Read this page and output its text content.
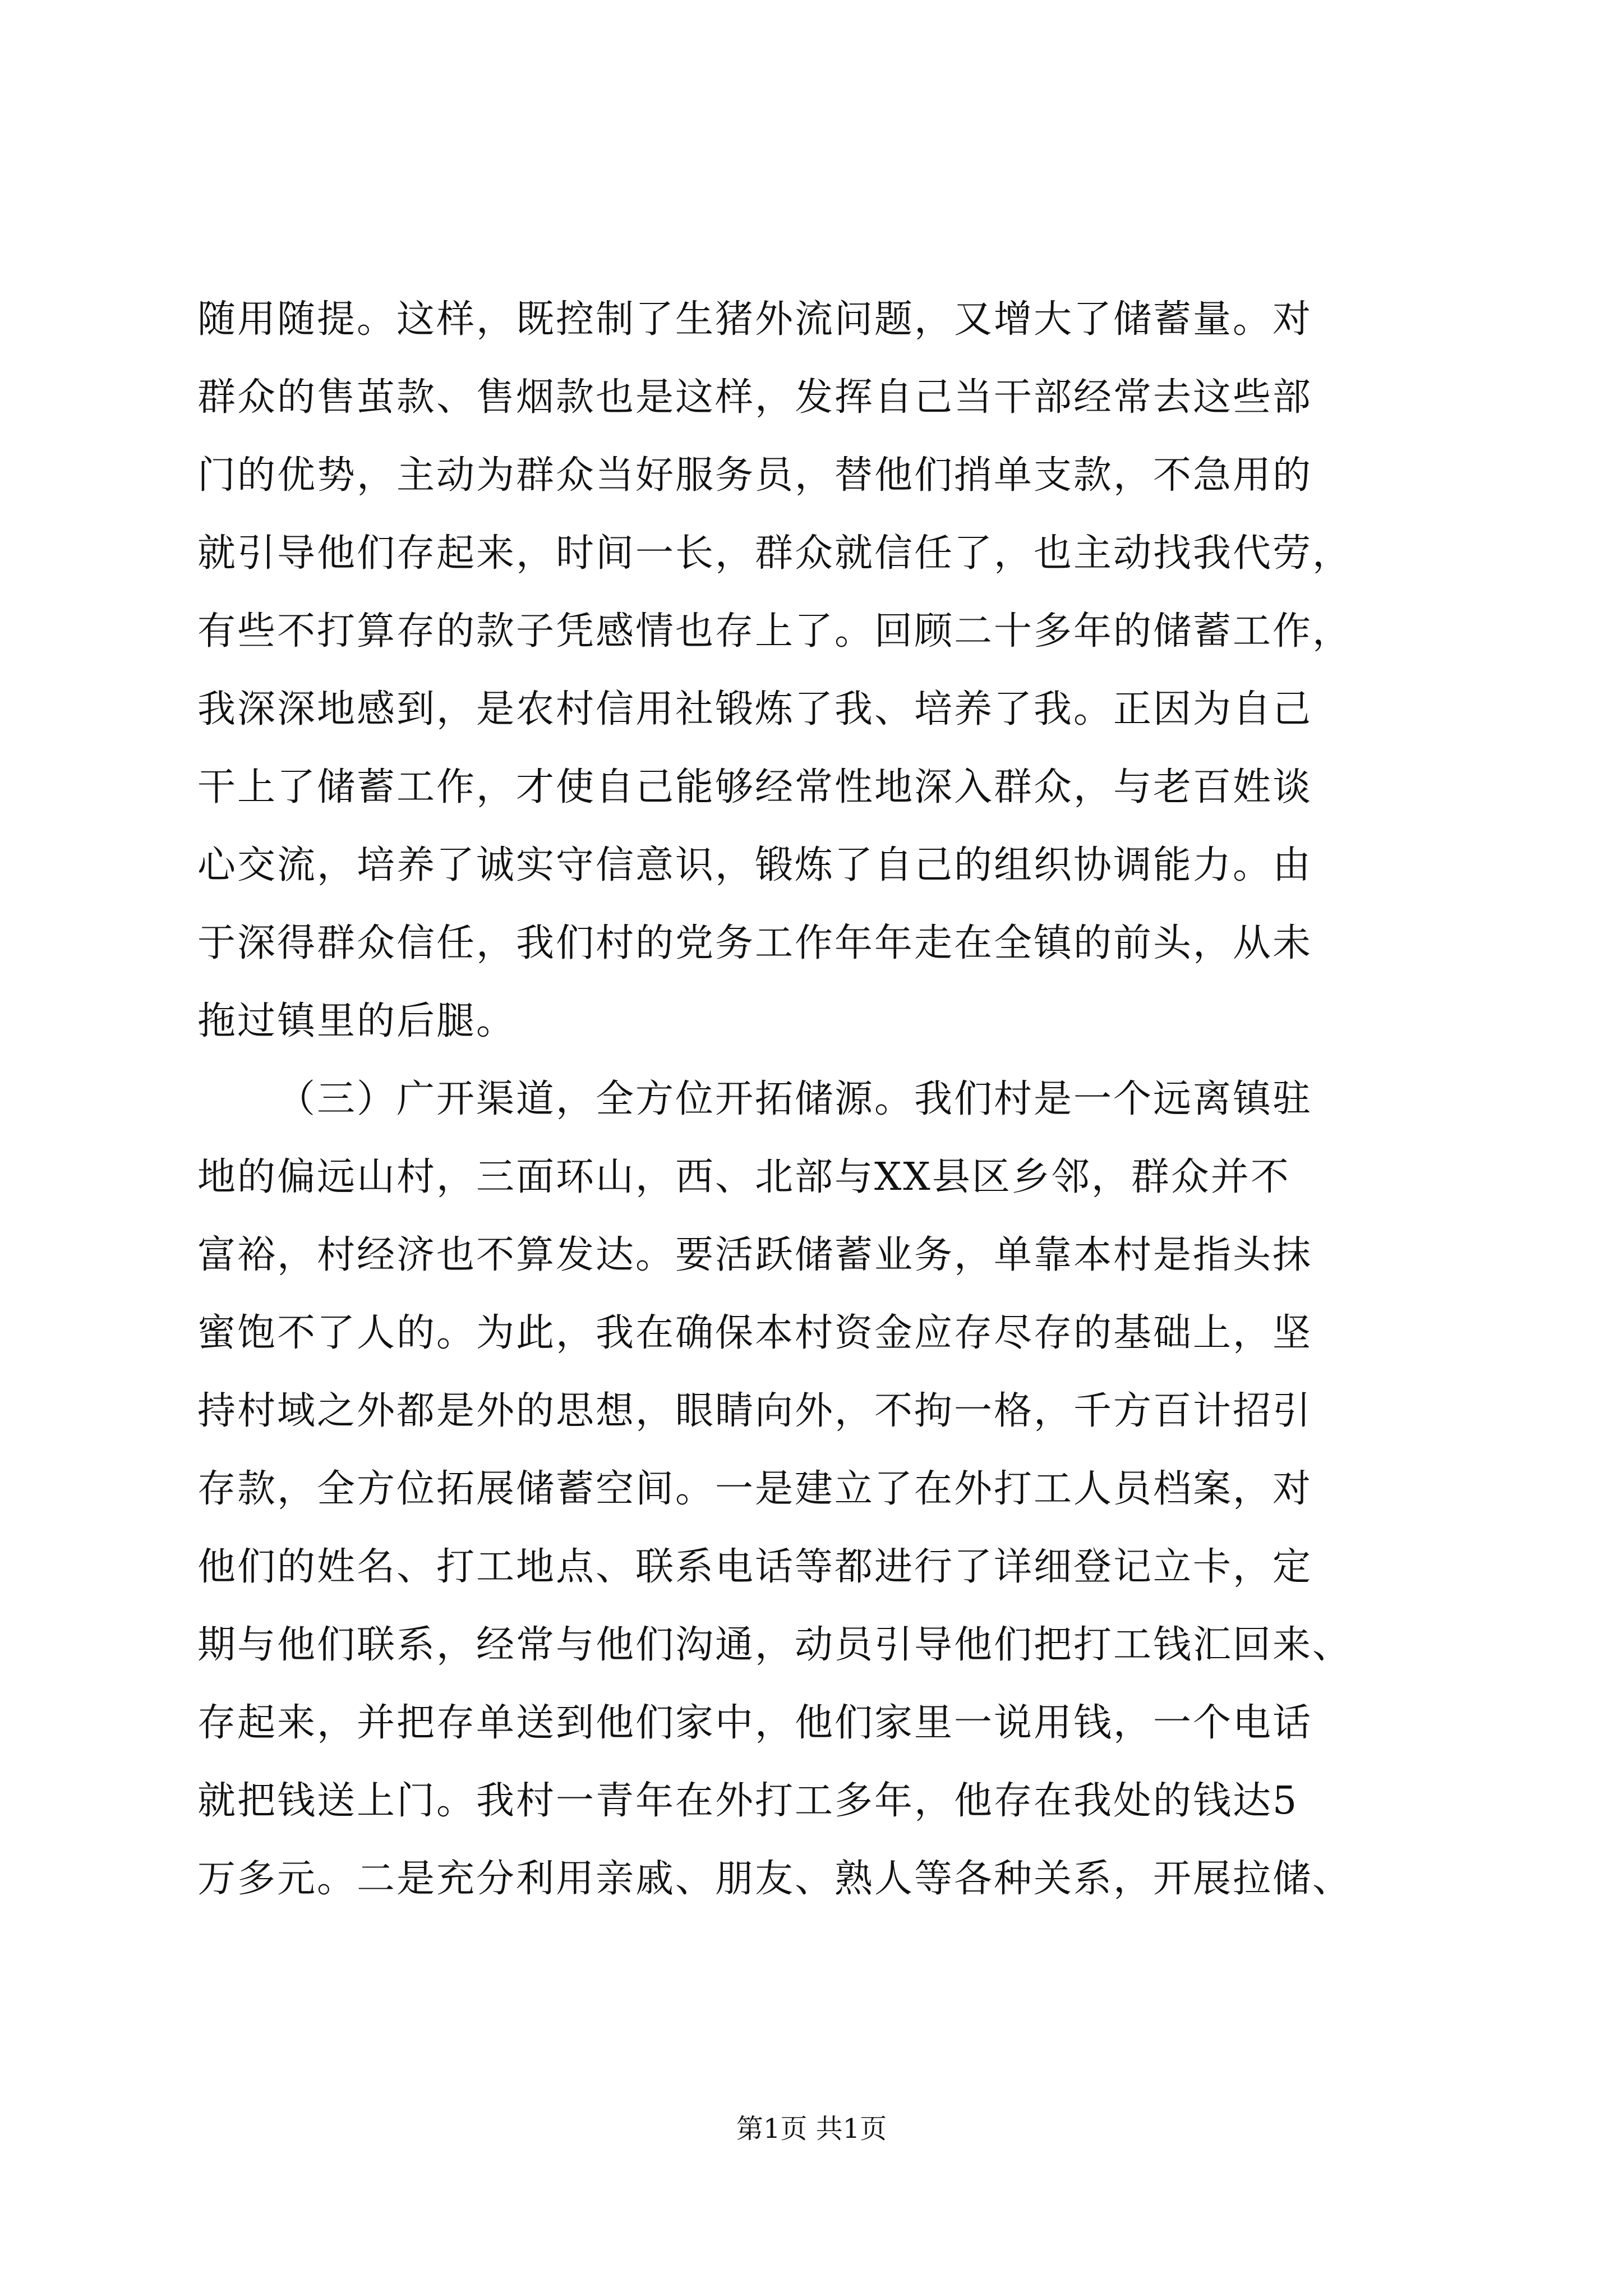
随用随提。这样，既控制了生猪外流问题，又增大了储蓄量。对
群众的售茧款、售烟款也是这样，发挥自己当干部经常去这些部
门的优势，主动为群众当好服务员，替他们捎单支款，不急用的
就引导他们存起来，时间一长，群众就信任了，也主动找我代劳，
有些不打算存的款子凭感情也存上了。回顾二十多年的储蓄工作，
我深深地感到，是农村信用社锻炼了我、培养了我。正因为自己
干上了储蓄工作，才使自己能够经常性地深入群众，与老百姓谈
心交流，培养了诚实守信意识，锻炼了自己的组织协调能力。由
于深得群众信任，我们村的党务工作年年走在全镇的前头，从未
拖过镇里的后腿。
（三）广开渠道，全方位开拓储源。我们村是一个远离镇驻
地的偏远山村，三面环山，西、北部与XX县区乡邻，群众并不
富裕，村经济也不算发达。要活跃储蓄业务，单靠本村是指头抹
蜜饱不了人的。为此，我在确保本村资金应存尽存的基础上，坚
持村域之外都是外的思想，眼睛向外，不拘一格，千方百计招引
存款，全方位拓展储蓄空间。一是建立了在外打工人员档案，对
他们的姓名、打工地点、联系电话等都进行了详细登记立卡，定
期与他们联系，经常与他们沟通，动员引导他们把打工钱汇回来、
存起来，并把存单送到他们家中，他们家里一说用钱，一个电话
就把钱送上门。我村一青年在外打工多年，他存在我处的钱达5
万多元。二是充分利用亲戚、朋友、熟人等各种关系，开展拉储、
第1页 共1页
